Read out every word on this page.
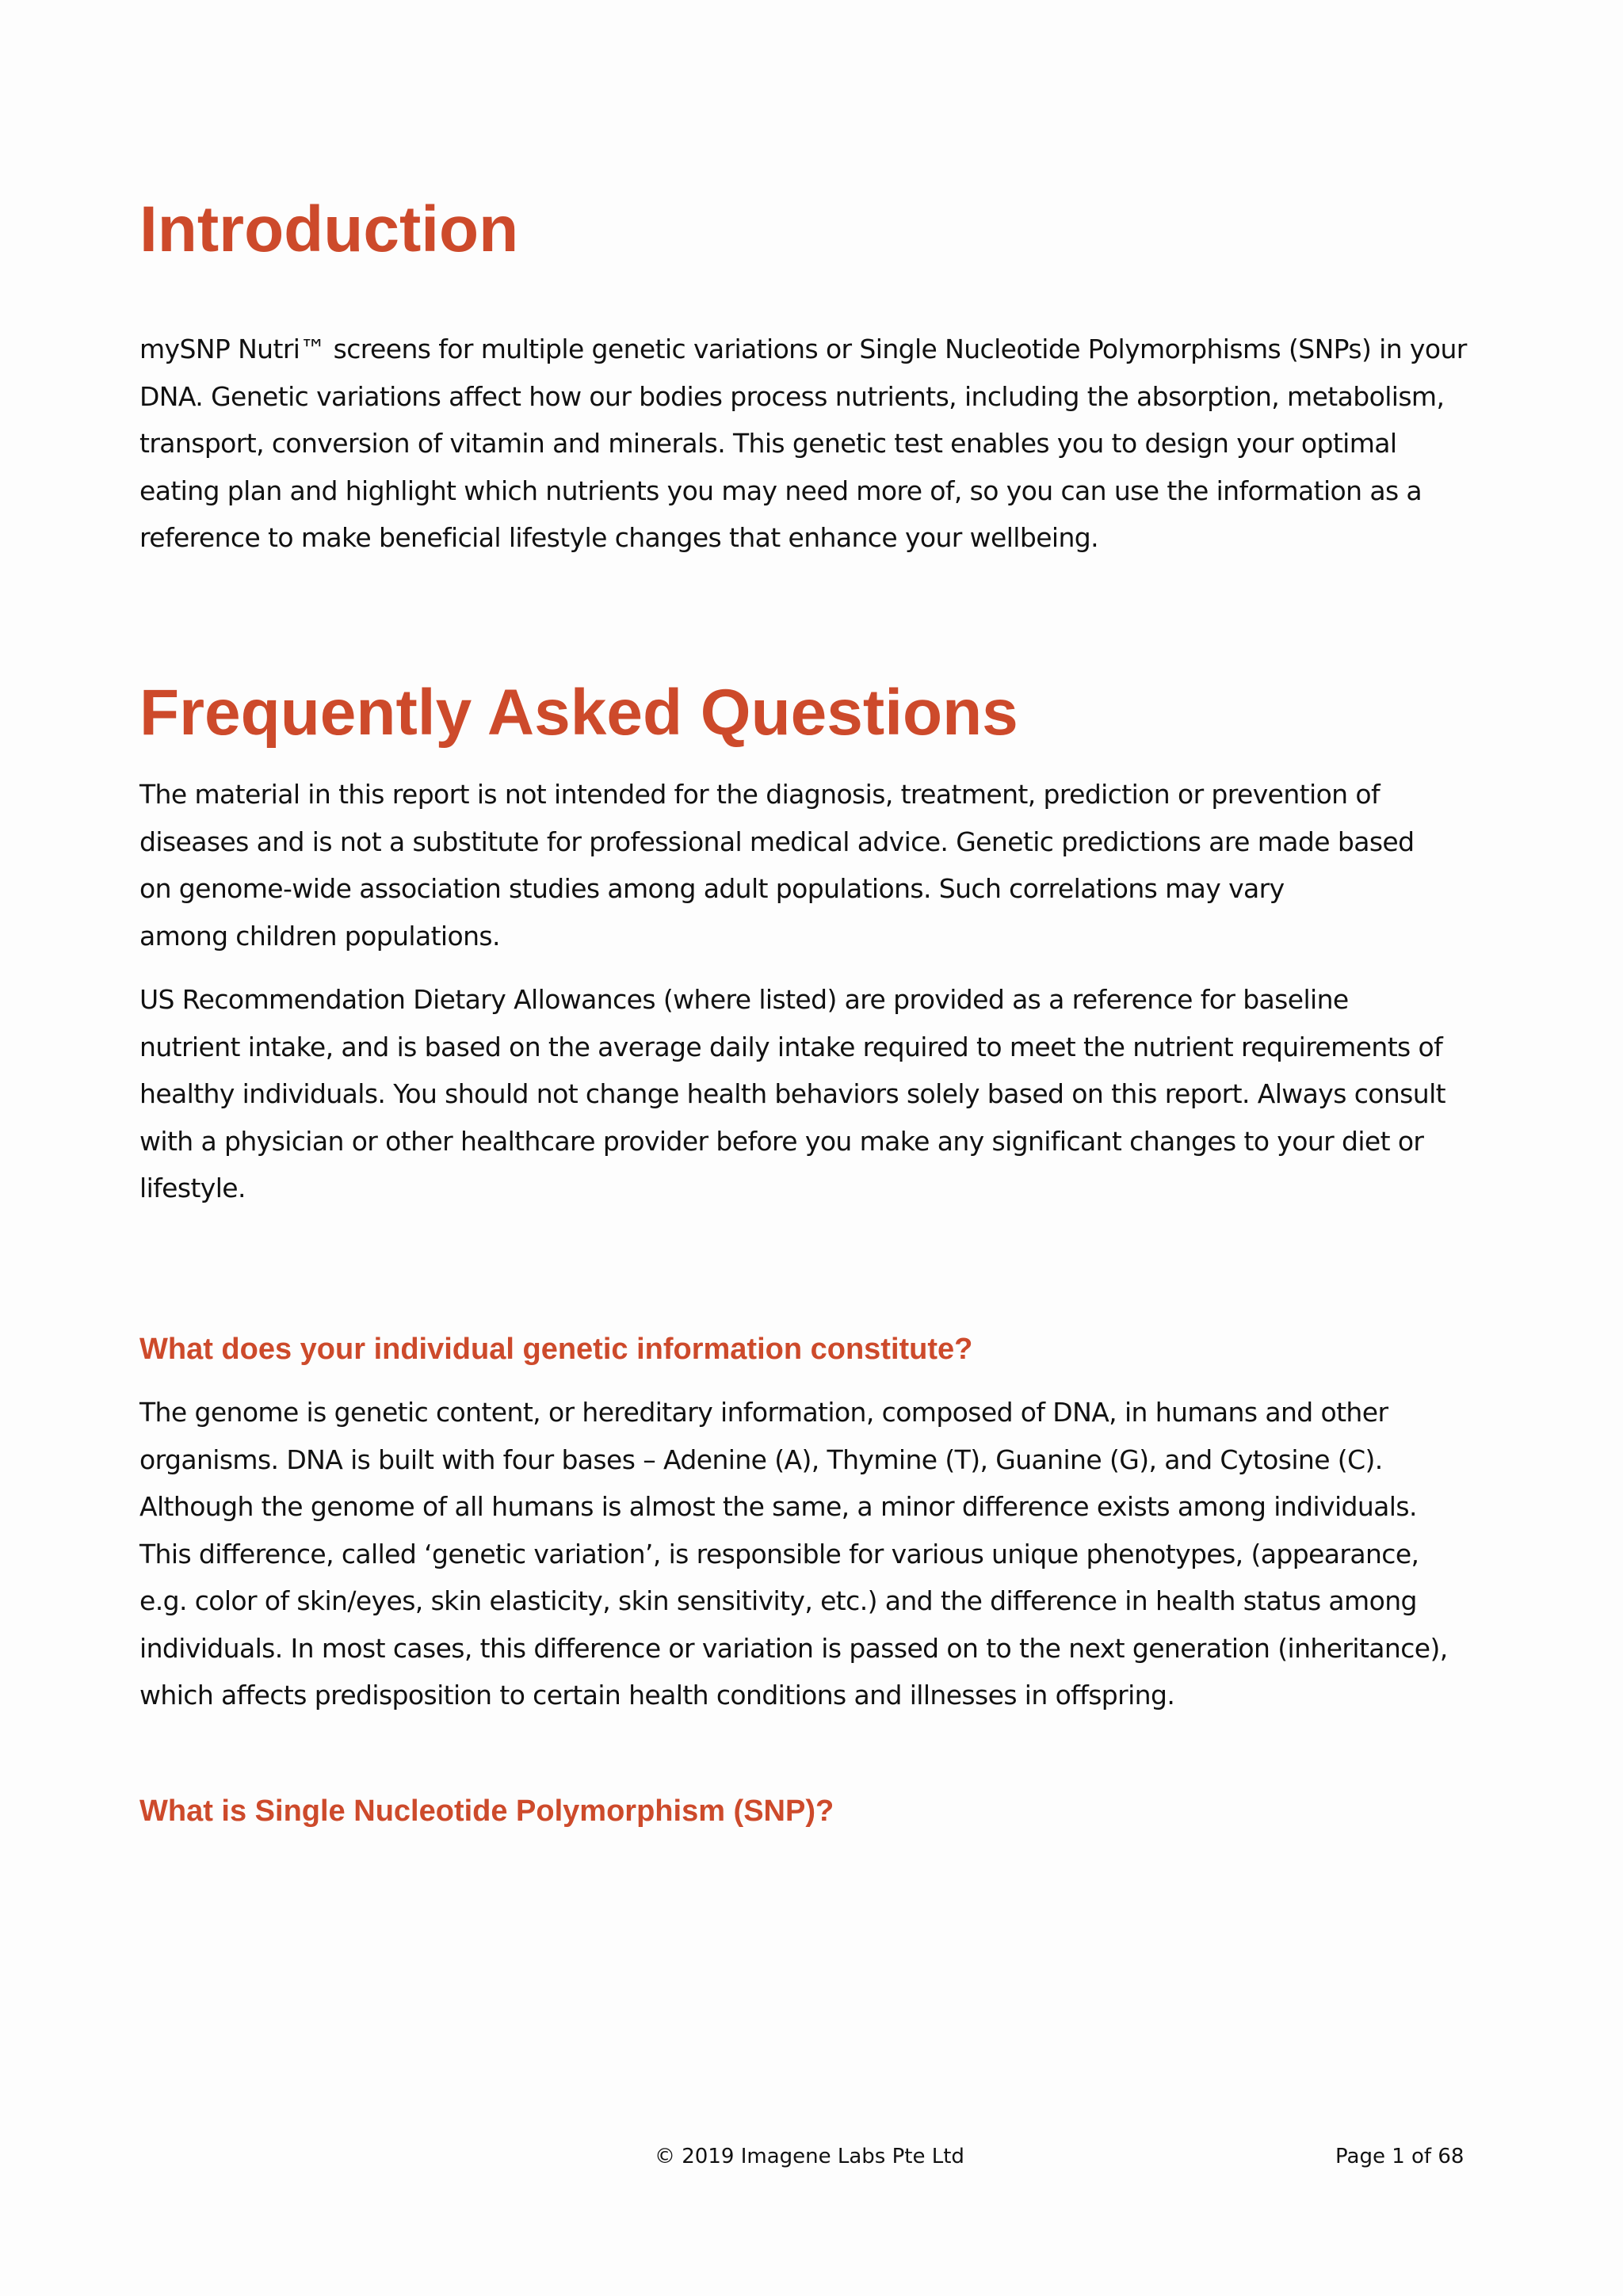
Introduction
mySNP Nutri™ screens for multiple genetic variations or Single Nucleotide Polymorphisms (SNPs) in your
DNA. Genetic variations affect how our bodies process nutrients, including the absorption, metabolism,
transport, conversion of vitamin and minerals. This genetic test enables you to design your optimal
eating plan and highlight which nutrients you may need more of, so you can use the information as a
reference to make beneficial lifestyle changes that enhance your wellbeing.
Frequently Asked Questions
The material in this report is not intended for the diagnosis, treatment, prediction or prevention of
diseases and is not a substitute for professional medical advice. Genetic predictions are made based
on genome-wide association studies among adult populations. Such correlations may vary
among children populations.
US Recommendation Dietary Allowances (where listed) are provided as a reference for baseline
nutrient intake, and is based on the average daily intake required to meet the nutrient requirements of
healthy individuals. You should not change health behaviors solely based on this report. Always consult
with a physician or other healthcare provider before you make any significant changes to your diet or
lifestyle.
What does your individual genetic information constitute?
The genome is genetic content, or hereditary information, composed of DNA, in humans and other
organisms. DNA is built with four bases – Adenine (A), Thymine (T), Guanine (G), and Cytosine (C).
Although the genome of all humans is almost the same, a minor difference exists among individuals.
This difference, called ‘genetic variation’, is responsible for various unique phenotypes, (appearance,
e.g. color of skin/eyes, skin elasticity, skin sensitivity, etc.) and the difference in health status among
individuals. In most cases, this difference or variation is passed on to the next generation (inheritance),
which affects predisposition to certain health conditions and illnesses in offspring.
What is Single Nucleotide Polymorphism (SNP)?
© 2019 Imagene Labs Pte Ltd	Page 1 of 68
